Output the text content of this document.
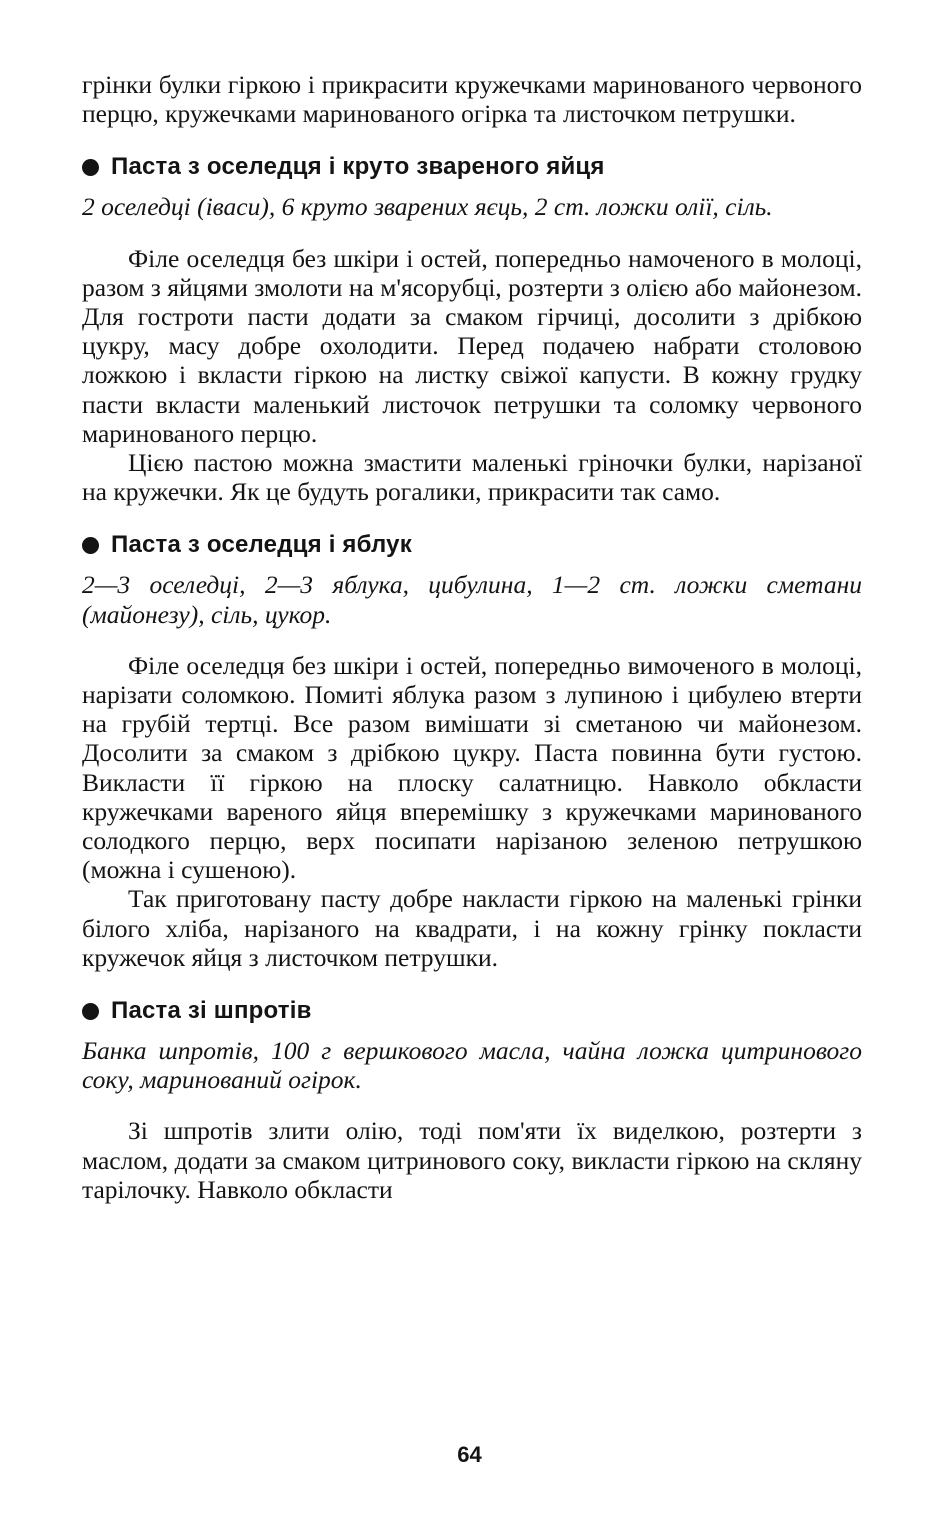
грінки булки гіркою і прикрасити кружечками маринованого червоного перцю, кружечками маринованого огірка та листочком петрушки.

Паста з оселедця і круто звареного яйця

2 оселедці (іваси), 6 круто зварених яєць, 2 ст. ложки олії, сіль.

Філе оселедця без шкіри і остей, попередньо намоченого в молоці, разом з яйцями змолоти на м'ясорубці, розтерти з олією або майонезом. Для гостроти пасти додати за смаком гірчиці, досолити з дрібкою цукру, масу добре охолодити. Перед подачею набрати столовою ложкою і вкласти гіркою на листку свіжої капусти. В кожну грудку пасти вкласти маленький листочок петрушки та соломку червоного маринованого перцю.

Цією пастою можна змастити маленькі гріночки булки, нарізаної на кружечки. Як це будуть рогалики, прикрасити так само.

Паста з оселедця і яблук

2—3 оселедці, 2—3 яблука, цибулина, 1—2 ст. ложки сметани (майонезу), сіль, цукор.

Філе оселедця без шкіри і остей, попередньо вимоченого в молоці, нарізати соломкою. Помиті яблука разом з лупиною і цибулею втерти на грубій тертці. Все разом вимішати зі сметаною чи майонезом. Досолити за смаком з дрібкою цукру. Паста повинна бути густою. Викласти її гіркою на плоску салатницю. Навколо обкласти кружечками вареного яйця вперемішку з кружечками маринованого солодкого перцю, верх посипати нарізаною зеленою петрушкою (можна і сушеною).

Так приготовану пасту добре накласти гіркою на маленькі грінки білого хліба, нарізаного на квадрати, і на кожну грінку покласти кружечок яйця з листочком петрушки.

Паста зі шпротів

Банка шпротів, 100 г вершкового масла, чайна ложка цитринового соку, маринований огірок.

Зі шпротів злити олію, тоді пом'яти їх виделкою, розтерти з маслом, додати за смаком цитринового соку, викласти гіркою на скляну тарілочку. Навколо обкласти

64
